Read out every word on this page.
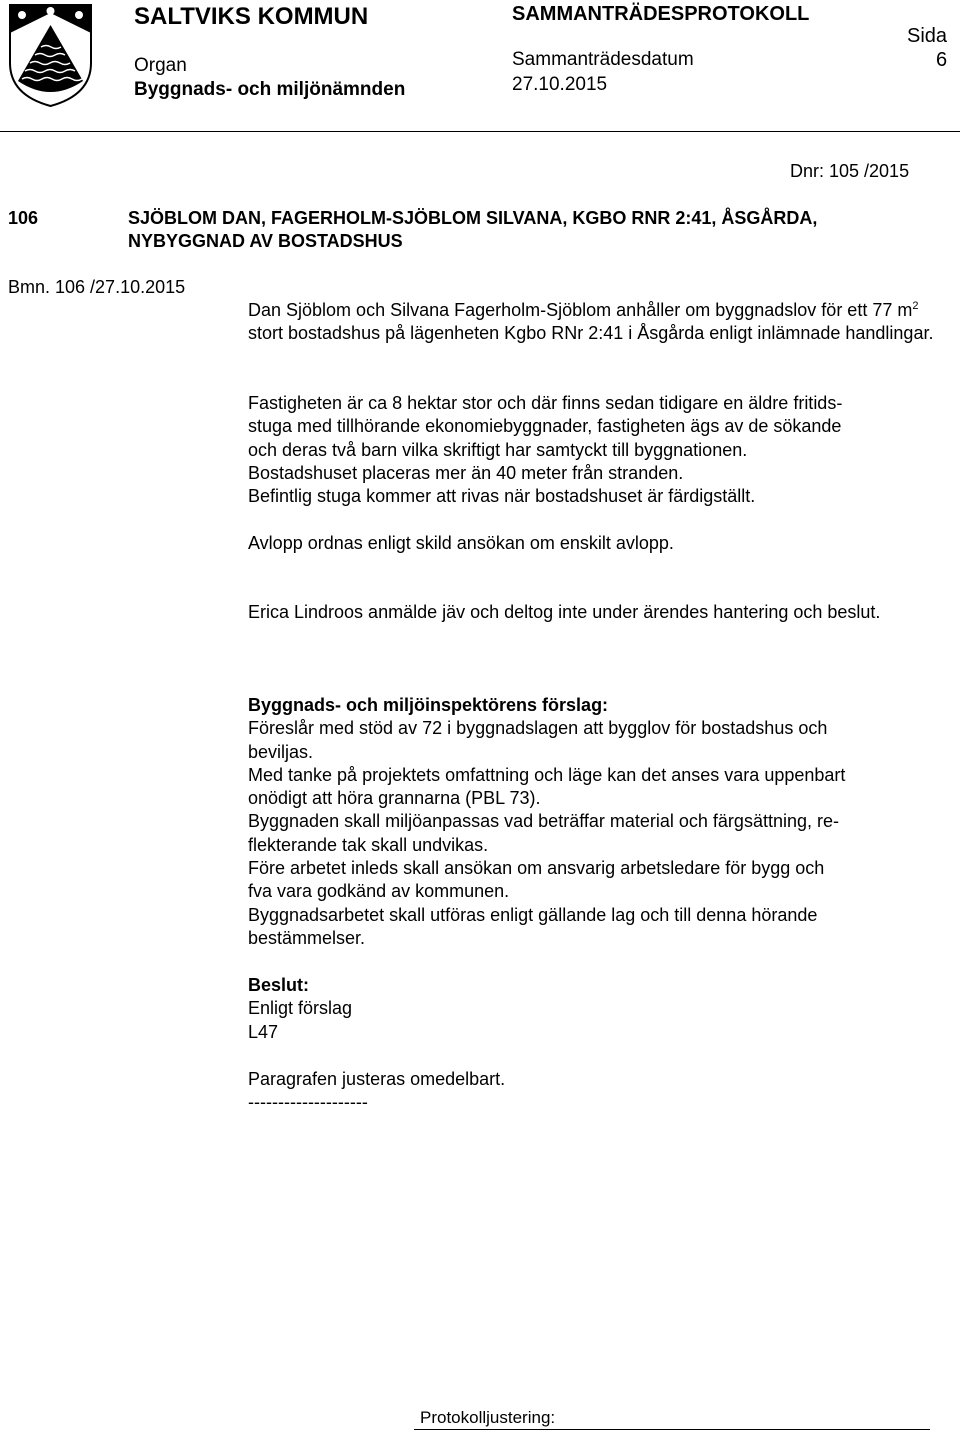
SALTVIKS KOMMUN
Organ
Byggnads- och miljönämnden
SAMMANTRÄDESPROTOKOLL
Sammanträdesdatum
27.10.2015
Sida
6
Dnr: 105 /2015
106	SJÖBLOM DAN, FAGERHOLM-SJÖBLOM SILVANA, KGBO RNR 2:41, ÅSGÅRDA,
NYBYGGNAD AV BOSTADSHUS
Bmn. 106 /27.10.2015

Dan Sjöblom och Silvana Fagerholm-Sjöblom anhåller om byggnadslov för ett 77 $m^2$ stort bostadshus på lägenheten Kgbo RNr 2:41 i Åsgårda enligt inlämnade handlingar.

Fastigheten är ca 8 hektar stor och där finns sedan tidigare en äldre fritids-

stuga med tillhörande ekonomiebyggnader, fastigheten ägs av de sökande

och deras två barn vilka skriftigt har samtyckt till byggnationen.

Bostadshuset placeras mer än 40 meter från stranden.

Befintlig stuga kommer att rivas när bostadshuset är färdigställt.

Avlopp ordnas enligt skild ansökan om enskilt avlopp.

Erica Lindroos anmälde jäv och deltog inte under ärendes hantering och beslut.

Byggnads- och miljöinspektörens förslag:

Föreslår med stöd av 72 i byggnadslagen att bygglov för bostadshus och

beviljas.

Med tanke på projektets omfattning och läge kan det anses vara uppenbart

onödigt att höra grannarna (PBL 73).

Byggnaden skall miljöanpassas vad beträffar material och färgsättning, re-

flekterande tak skall undvikas.

Före arbetet inleds skall ansökan om ansvarig arbetsledare för bygg och

fva vara godkänd av kommunen.

Byggnadsarbetet skall utföras enligt gällande lag och till denna hörande

bestämmelser.

Beslut:

Enligt förslag

L47

Paragrafen justeras omedelbart.

--------------------

Protokolljustering:
